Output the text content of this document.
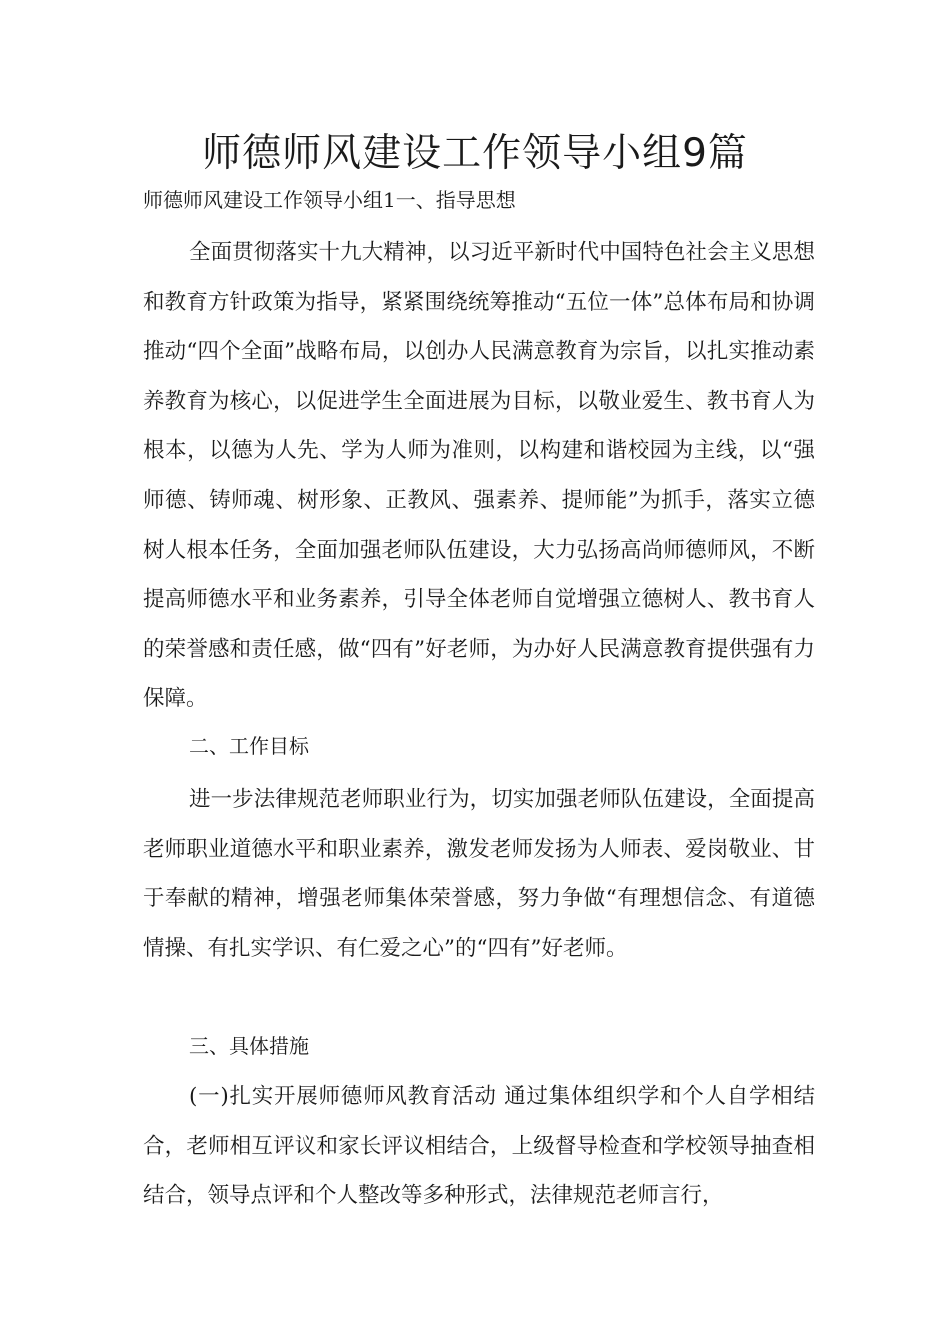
师德师风建设工作领导小组9篇

师德师风建设工作领导小组1一、指导思想

全面贯彻落实十九大精神，以习近平新时代中国特色社会主义思想和教育方针政策为指导，紧紧围绕统筹推动“五位一体”总体布局和协调推动“四个全面”战略布局，以创办人民满意教育为宗旨，以扎实推动素养教育为核心，以促进学生全面进展为目标，以敬业爱生、教书育人为根本，以德为人先、学为人师为准则，以构建和谐校园为主线，以“强师德、铸师魂、树形象、正教风、强素养、提师能”为抓手，落实立德树人根本任务，全面加强老师队伍建设，大力弘扬高尚师德师风，不断提高师德水平和业务素养，引导全体老师自觉增强立德树人、教书育人的荣誉感和责任感，做“四有”好老师，为办好人民满意教育提供强有力保障。

二、工作目标

进一步法律规范老师职业行为，切实加强老师队伍建设，全面提高老师职业道德水平和职业素养，激发老师发扬为人师表、爱岗敬业、甘于奉献的精神，增强老师集体荣誉感，努力争做“有理想信念、有道德情操、有扎实学识、有仁爱之心”的“四有”好老师。

三、具体措施

(一)扎实开展师德师风教育活动 通过集体组织学和个人自学相结合，老师相互评议和家长评议相结合，上级督导检查和学校领导抽查相结合，领导点评和个人整改等多种形式，法律规范老师言行，
